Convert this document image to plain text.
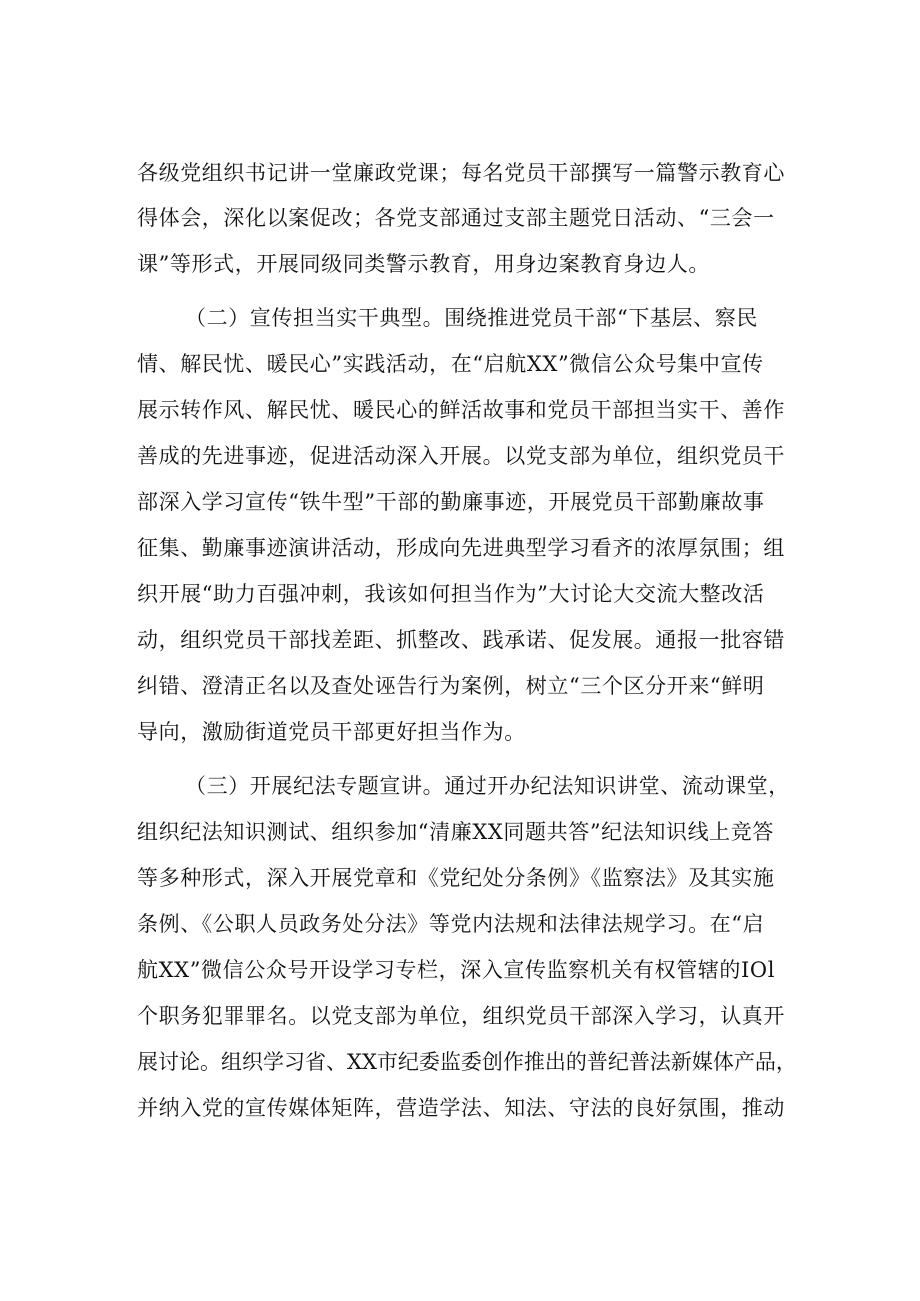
各级党组织书记讲一堂廉政党课；每名党员干部撰写一篇警示教育心
得体会，深化以案促改；各党支部通过支部主题党日活动、“三会一
课”等形式，开展同级同类警示教育，用身边案教育身边人。
（二）宣传担当实干典型。围绕推进党员干部“下基层、察民
情、解民忧、暖民心”实践活动，在“启航XX”微信公众号集中宣传
展示转作风、解民忧、暖民心的鲜活故事和党员干部担当实干、善作
善成的先进事迹，促进活动深入开展。以党支部为单位，组织党员干
部深入学习宣传“铁牛型”干部的勤廉事迹，开展党员干部勤廉故事
征集、勤廉事迹演讲活动，形成向先进典型学习看齐的浓厚氛围；组
织开展“助力百强冲刺，我该如何担当作为”大讨论大交流大整改活
动，组织党员干部找差距、抓整改、践承诺、促发展。通报一批容错
纠错、澄清正名以及查处诬告行为案例，树立“三个区分开来“鲜明
导向，激励街道党员干部更好担当作为。
（三）开展纪法专题宣讲。通过开办纪法知识讲堂、流动课堂，
组织纪法知识测试、组织参加“清廉XX同题共答”纪法知识线上竞答
等多种形式，深入开展党章和《党纪处分条例》《监察法》及其实施
条例、《公职人员政务处分法》等党内法规和法律法规学习。在“启
航XX”微信公众号开设学习专栏，深入宣传监察机关有权管辖的IOl
个职务犯罪罪名。以党支部为单位，组织党员干部深入学习，认真开
展讨论。组织学习省、XX市纪委监委创作推出的普纪普法新媒体产品，
并纳入党的宣传媒体矩阵，营造学法、知法、守法的良好氛围，推动
